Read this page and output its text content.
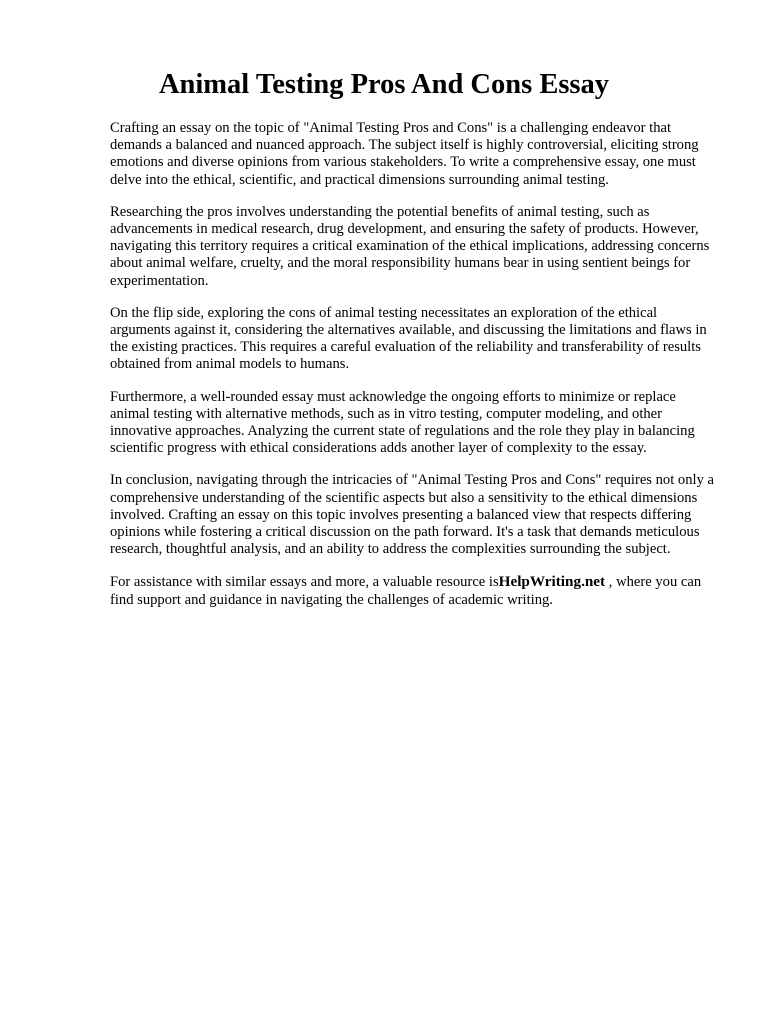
Animal Testing Pros And Cons Essay

Crafting an essay on the topic of "Animal Testing Pros and Cons" is a challenging endeavor that demands a balanced and nuanced approach. The subject itself is highly controversial, eliciting strong emotions and diverse opinions from various stakeholders. To write a comprehensive essay, one must delve into the ethical, scientific, and practical dimensions surrounding animal testing.

Researching the pros involves understanding the potential benefits of animal testing, such as advancements in medical research, drug development, and ensuring the safety of products. However, navigating this territory requires a critical examination of the ethical implications, addressing concerns about animal welfare, cruelty, and the moral responsibility humans bear in using sentient beings for experimentation.

On the flip side, exploring the cons of animal testing necessitates an exploration of the ethical arguments against it, considering the alternatives available, and discussing the limitations and flaws in the existing practices. This requires a careful evaluation of the reliability and transferability of results obtained from animal models to humans.

Furthermore, a well-rounded essay must acknowledge the ongoing efforts to minimize or replace animal testing with alternative methods, such as in vitro testing, computer modeling, and other innovative approaches. Analyzing the current state of regulations and the role they play in balancing scientific progress with ethical considerations adds another layer of complexity to the essay.

In conclusion, navigating through the intricacies of "Animal Testing Pros and Cons" requires not only a comprehensive understanding of the scientific aspects but also a sensitivity to the ethical dimensions involved. Crafting an essay on this topic involves presenting a balanced view that respects differing opinions while fostering a critical discussion on the path forward. It's a task that demands meticulous research, thoughtful analysis, and an ability to address the complexities surrounding the subject.

For assistance with similar essays and more, a valuable resource isHelpWriting.net , where you can find support and guidance in navigating the challenges of academic writing.
